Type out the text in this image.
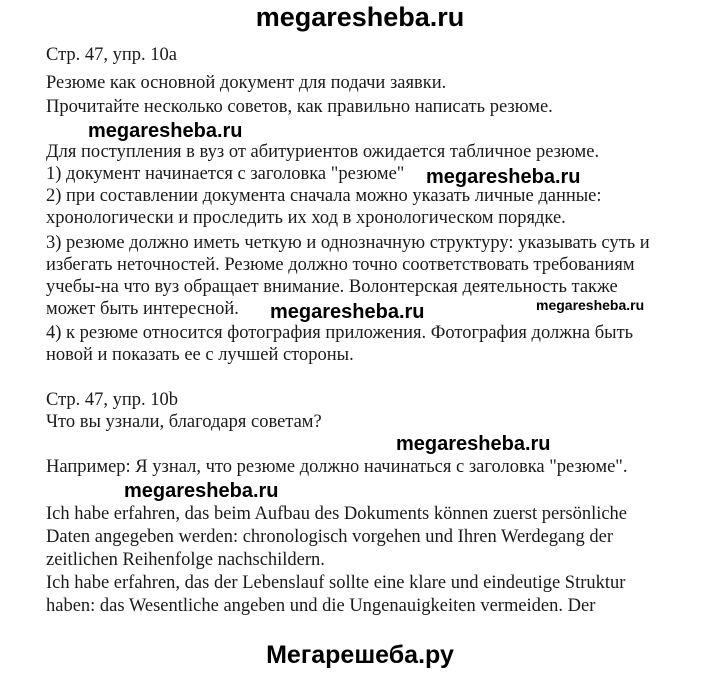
megaresheba.ru
Стр. 47, упр. 10а
Резюме как основной документ для подачи заявки.
Прочитайте несколько советов, как правильно написать резюме.
megaresheba.ru
Для поступления в вуз от абитуриентов ожидается табличное резюме.
1) документ начинается с заголовка "резюме" megaresheba.ru
2) при составлении документа сначала можно указать личные данные:
хронологически и проследить их ход в хронологическом порядке.
3) резюме должно иметь четкую и однозначную структуру: указывать суть и
избегать неточностей. Резюме должно точно соответствовать требованиям
учебы-на что вуз обращает внимание. Волонтерская деятельность также
может быть интересной. megaresheba.ru	megaresheba.ru
4) к резюме относится фотография приложения. Фотография должна быть
новой и показать ее с лучшей стороны.
Стр. 47, упр. 10b
Что вы узнали, благодаря советам?
megaresheba.ru
Например: Я узнал, что резюме должно начинаться с заголовка "резюме".
megaresheba.ru
Ich habe erfahren, das beim Aufbau des Dokuments können zuerst persönliche
Daten angegeben werden: chronologisch vorgehen und Ihren Werdegang der
zeitlichen Reihenfolge nachschildern.
Ich habe erfahren, das der Lebenslauf sollte eine klare und eindeutige Struktur
haben: das Wesentliche angeben und die Ungenauigkeiten vermeiden. Der
Мегарешеба.ру
